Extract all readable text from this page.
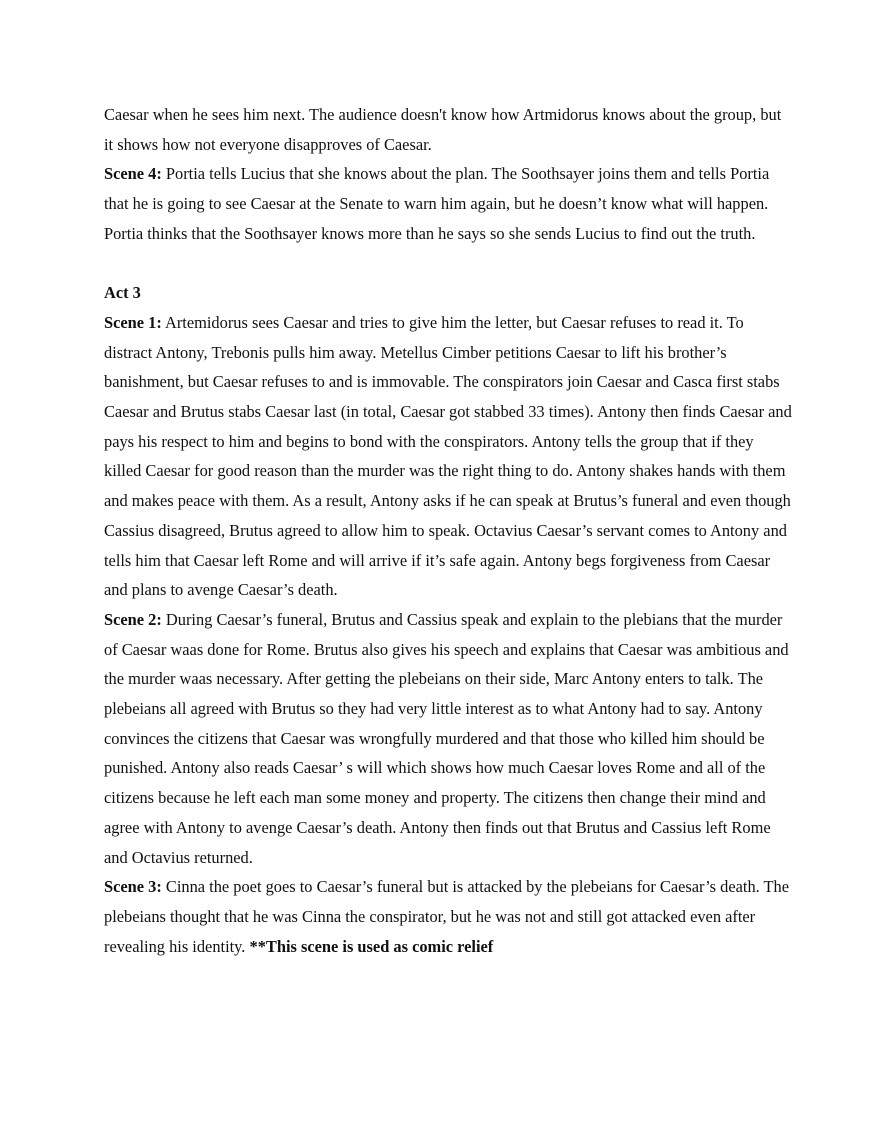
Caesar when he sees him next. The audience doesn't know how Artmidorus knows about the group, but it shows how not everyone disapproves of Caesar.

Scene 4: Portia tells Lucius that she knows about the plan. The Soothsayer joins them and tells Portia that he is going to see Caesar at the Senate to warn him again, but he doesn’t know what will happen. Portia thinks that the Soothsayer knows more than he says so she sends Lucius to find out the truth.

Act 3

Scene 1: Artemidorus sees Caesar and tries to give him the letter, but Caesar refuses to read it. To distract Antony, Trebonis pulls him away. Metellus Cimber petitions Caesar to lift his brother’s banishment, but Caesar refuses to and is immovable. The conspirators join Caesar and Casca first stabs Caesar and Brutus stabs Caesar last (in total, Caesar got stabbed 33 times). Antony then finds Caesar and pays his respect to him and begins to bond with the conspirators. Antony tells the group that if they killed Caesar for good reason than the murder was the right thing to do. Antony shakes hands with them and makes peace with them. As a result, Antony asks if he can speak at Brutus’s funeral and even though Cassius disagreed, Brutus agreed to allow him to speak. Octavius Caesar’s servant comes to Antony and tells him that Caesar left Rome and will arrive if it’s safe again. Antony begs forgiveness from Caesar and plans to avenge Caesar’s death.

Scene 2: During Caesar’s funeral, Brutus and Cassius speak and explain to the plebians that the murder of Caesar waas done for Rome. Brutus also gives his speech and explains that Caesar was ambitious and the murder waas necessary. After getting the plebeians on their side, Marc Antony enters to talk. The plebeians all agreed with Brutus so they had very little interest as to what Antony had to say. Antony convinces the citizens that Caesar was wrongfully murdered and that those who killed him should be punished. Antony also reads Caesar’ s will which shows how much Caesar loves Rome and all of the citizens because he left each man some money and property. The citizens then change their mind and agree with Antony to avenge Caesar’s death. Antony then finds out that Brutus and Cassius left Rome and Octavius returned.

Scene 3: Cinna the poet goes to Caesar’s funeral but is attacked by the plebeians for Caesar’s death. The plebeians thought that he was Cinna the conspirator, but he was not and still got attacked even after revealing his identity. **This scene is used as comic relief
